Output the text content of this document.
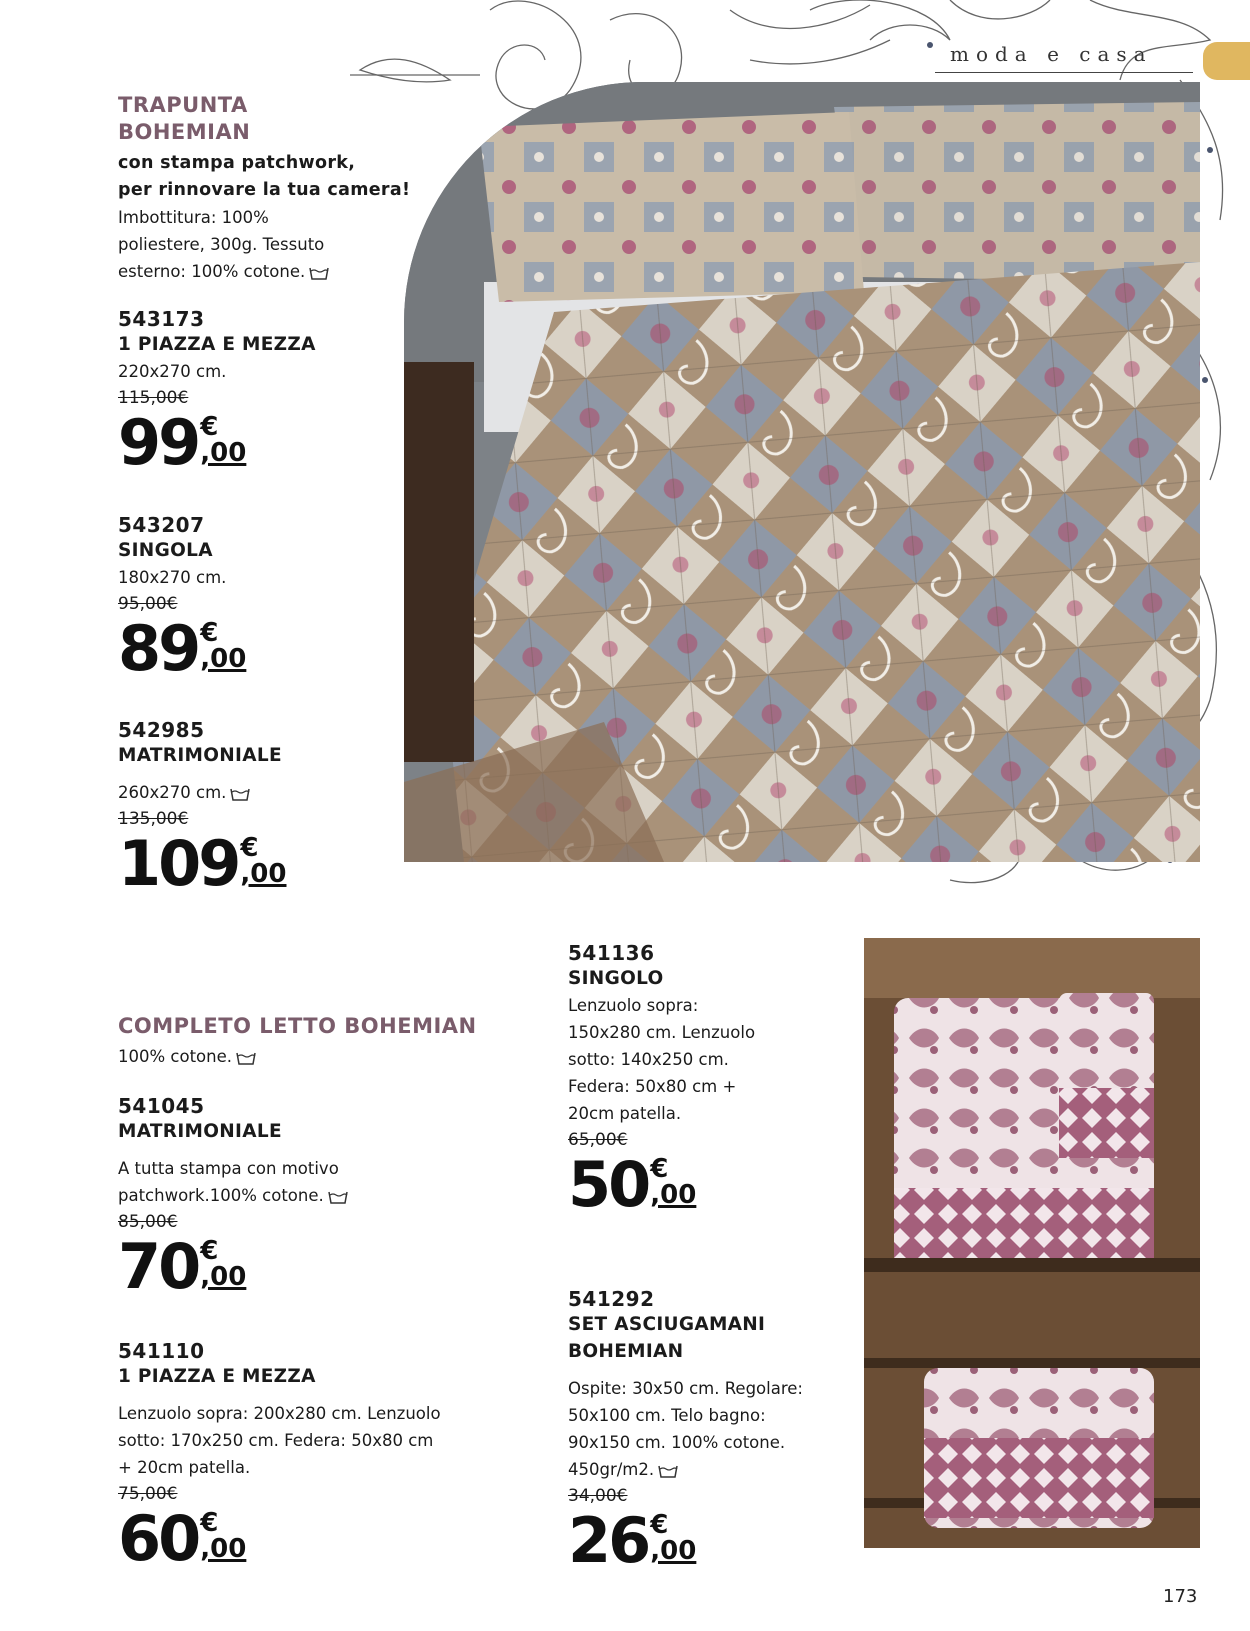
moda e casa
TRAPUNTA
BOHEMIAN
con stampa patchwork,
per rinnovare la tua camera!
Imbottitura: 100%
poliestere, 300g. Tessuto
esterno: 100% cotone.
543173
1 PIAZZA E MEZZA
220x270 cm.
115,00€
99 €
,00
543207
SINGOLA
180x270 cm.
95,00€
89 €
,00
542985
MATRIMONIALE
260x270 cm.
135,00€
109 €
,00
COMPLETO LETTO BOHEMIAN
100% cotone.
541045
MATRIMONIALE
A tutta stampa con motivo
patchwork.100% cotone.
85,00€
70 €
,00
541110
1 PIAZZA E MEZZA
Lenzuolo sopra: 200x280 cm. Lenzuolo
sotto: 170x250 cm. Federa: 50x80 cm
+ 20cm patella.
75,00€
60 €
,00
541136
SINGOLO
Lenzuolo sopra:
150x280 cm. Lenzuolo
sotto: 140x250 cm.
Federa: 50x80 cm +
20cm patella.
65,00€
50 €
,00
541292
SET ASCIUGAMANI
BOHEMIAN
Ospite: 30x50 cm. Regolare:
50x100 cm. Telo bagno:
90x150 cm. 100% cotone.
450gr/m2.
34,00€
26 €
,00
173
